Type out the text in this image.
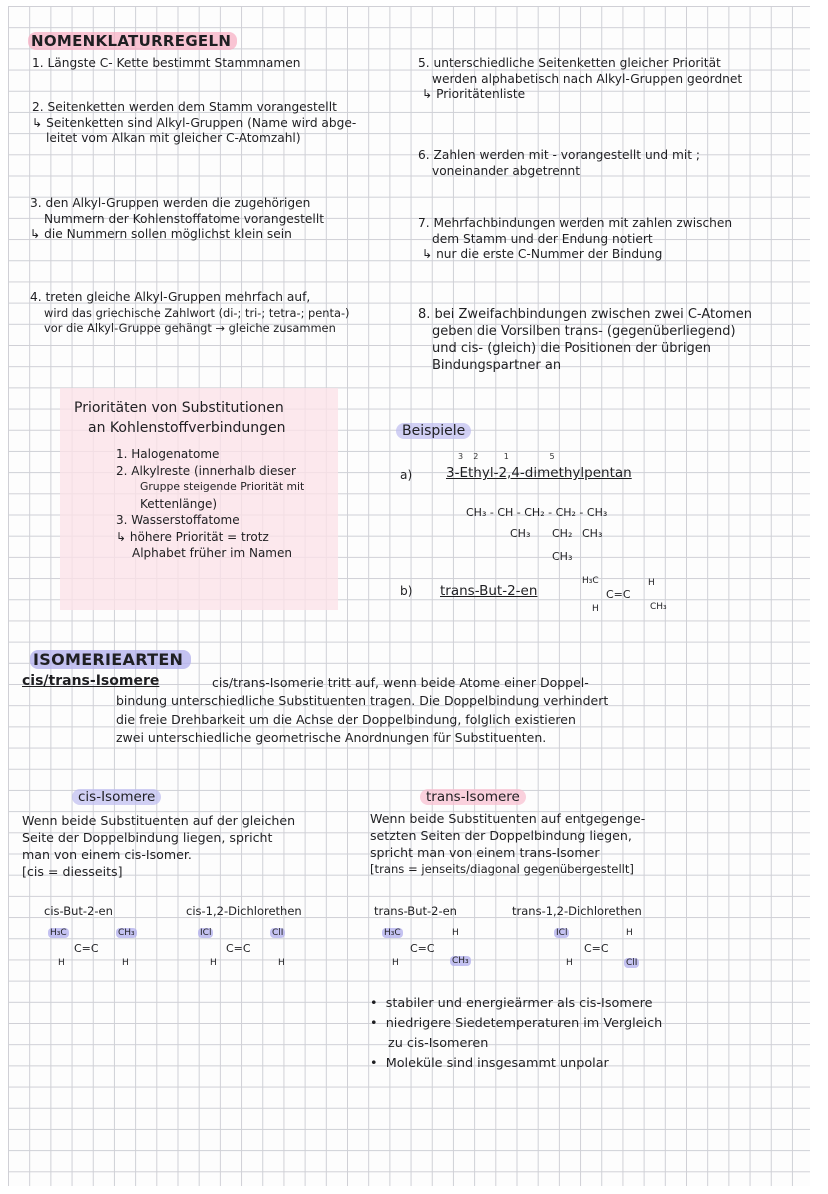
NOMENKLATURREGELN
1. Längste C- Kette bestimmt Stammnamen
2. Seitenketten werden dem Stamm vorangestellt
↳ Seitenketten sind Alkyl-Gruppen (Name wird abge-
leitet vom Alkan mit gleicher C-Atomzahl)
3. den Alkyl-Gruppen werden die zugehörigen
Nummern der Kohlenstoffatome vorangestellt
↳ die Nummern sollen möglichst klein sein
4. treten gleiche Alkyl-Gruppen mehrfach auf,
wird das griechische Zahlwort (di-; tri-; tetra-; penta-)
vor die Alkyl-Gruppe gehängt → gleiche zusammen
5. unterschiedliche Seitenketten gleicher Priorität
werden alphabetisch nach Alkyl-Gruppen geordnet
↳ Prioritätenliste
6. Zahlen werden mit - vorangestellt und mit ;
voneinander abgetrennt
7. Mehrfachbindungen werden mit zahlen zwischen
dem Stamm und der Endung notiert
↳ nur die erste C-Nummer der Bindung
8. bei Zweifachbindungen zwischen zwei C-Atomen
geben die Vorsilben trans- (gegenüberliegend)
und cis- (gleich) die Positionen der übrigen
Bindungspartner an
Prioritäten von Substitutionen
an Kohlenstoffverbindungen
1. Halogenatome
2. Alkylreste (innerhalb dieser
Gruppe steigende Priorität mit
Kettenlänge)
3. Wasserstoffatome
↳ höhere Priorität = trotz
Alphabet früher im Namen
Beispiele
a)
3    2          1                5
3-Ethyl-2,4-dimethylpentan
CH₃ - CH - CH₂ - CH₂ - CH₃
CH₃ CH₂ CH₃
CH₃
b) trans-But-2-en
H₃C
C=C
H
H	CH₃
ISOMERIEARTEN
cis/trans-Isomere	cis/trans-Isomerie tritt auf, wenn beide Atome einer Doppel-
bindung unterschiedliche Substituenten tragen. Die Doppelbindung verhindert
die freie Drehbarkeit um die Achse der Doppelbindung, folglich existieren
zwei unterschiedliche geometrische Anordnungen für Substituenten.
cis-Isomere
Wenn beide Substituenten auf der gleichen
Seite der Doppelbindung liegen, spricht
man von einem cis-Isomer.
[cis = diesseits]
cis-But-2-en	cis-1,2-Dichlorethen
H₃C	CH₃
C=C
H	H
ICl	ClI
C=C
H	H
trans-Isomere
Wenn beide Substituenten auf entgegenge-
setzten Seiten der Doppelbindung liegen,
spricht man von einem trans-Isomer
[trans = jenseits/diagonal gegenübergestellt]
trans-But-2-en	trans-1,2-Dichlorethen
H₃C	H
C=C
H	CH₃
ICl	H
C=C
H	ClI
•  stabiler und energieärmer als cis-Isomere
•  niedrigere Siedetemperaturen im Vergleich
zu cis-Isomeren
•  Moleküle sind insgesammt unpolar
